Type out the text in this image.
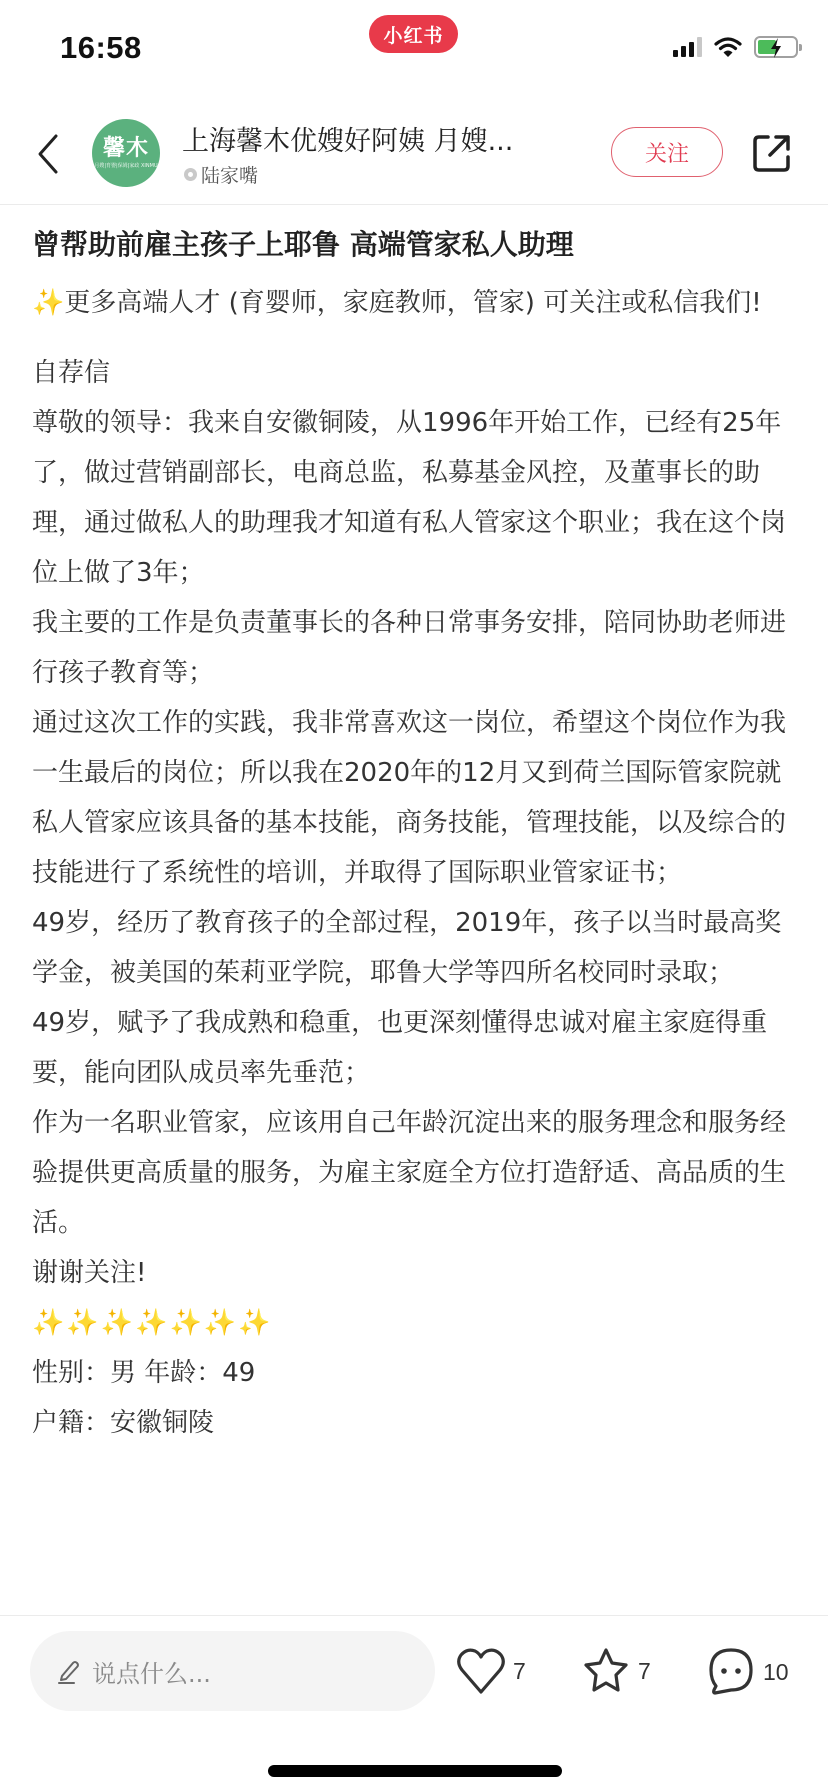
16:58	小红书
馨木
月嫂|育婴|保姆|家政 XINMU
上海馨木优嫂好阿姨 月嫂...
陆家嘴
关注
曾帮助前雇主孩子上耶鲁 高端管家私人助理
✨更多高端人才 (育婴师，家庭教师，管家) 可关注或私信我们!

自荐信

尊敬的领导：我来自安徽铜陵，从1996年开始工作，已经有25年了，做过营销副部长，电商总监，私募基金风控，及董事长的助理，通过做私人的助理我才知道有私人管家这个职业；我在这个岗位上做了3年；

我主要的工作是负责董事长的各种日常事务安排，陪同协助老师进行孩子教育等；

通过这次工作的实践，我非常喜欢这一岗位，希望这个岗位作为我一生最后的岗位；所以我在2020年的12月又到荷兰国际管家院就私人管家应该具备的基本技能，商务技能，管理技能，以及综合的技能进行了系统性的培训，并取得了国际职业管家证书；

49岁，经历了教育孩子的全部过程，2019年，孩子以当时最高奖学金，被美国的茱莉亚学院，耶鲁大学等四所名校同时录取；

49岁，赋予了我成熟和稳重，也更深刻懂得忠诚对雇主家庭得重要，能向团队成员率先垂范；

作为一名职业管家，应该用自己年龄沉淀出来的服务理念和服务经验提供更高质量的服务，为雇主家庭全方位打造舒适、高品质的生活。

谢谢关注!

✨✨✨✨✨✨✨

性别：男 年龄：49

户籍：安徽铜陵

说点什么...	7	7	10
